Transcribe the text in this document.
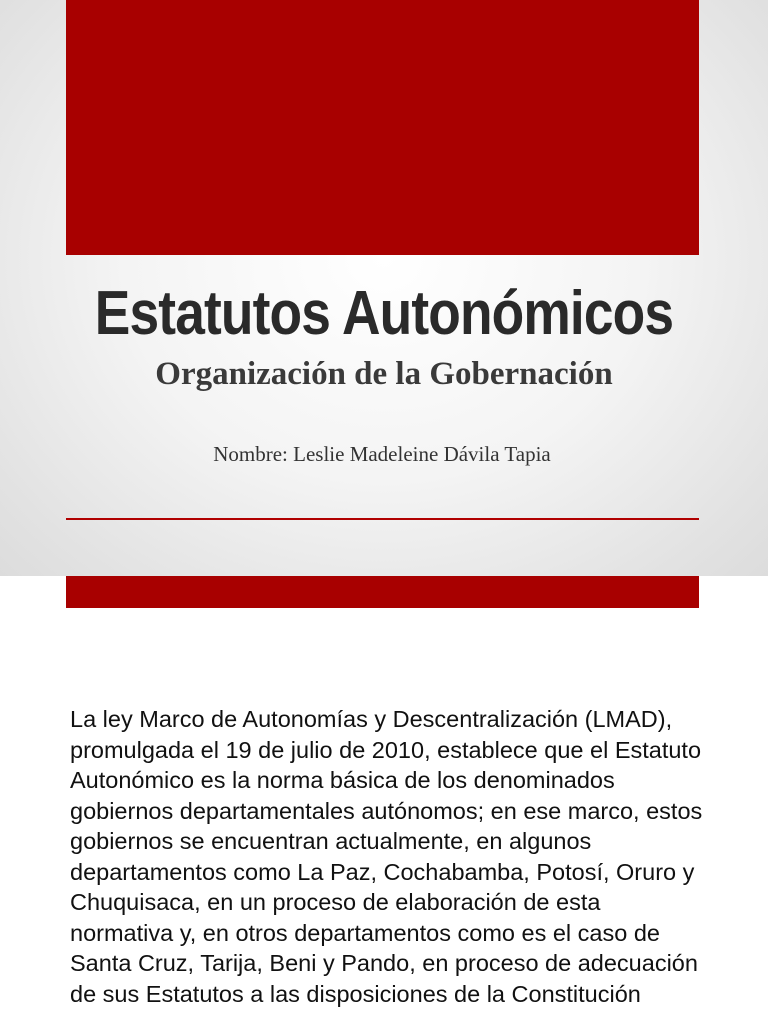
Estatutos Autonómicos
Organización de la Gobernación
Nombre: Leslie Madeleine Dávila Tapia

La ley Marco de Autonomías y Descentralización (LMAD), promulgada el 19 de julio de 2010, establece que el Estatuto Autonómico es la norma básica de los denominados gobiernos departamentales autónomos; en ese marco, estos gobiernos se encuentran actualmente, en algunos departamentos como La Paz, Cochabamba, Potosí, Oruro y Chuquisaca, en un proceso de elaboración de esta normativa y, en otros departamentos como es el caso de Santa Cruz, Tarija, Beni y Pando, en proceso de adecuación de sus Estatutos a las disposiciones de la Constitución
